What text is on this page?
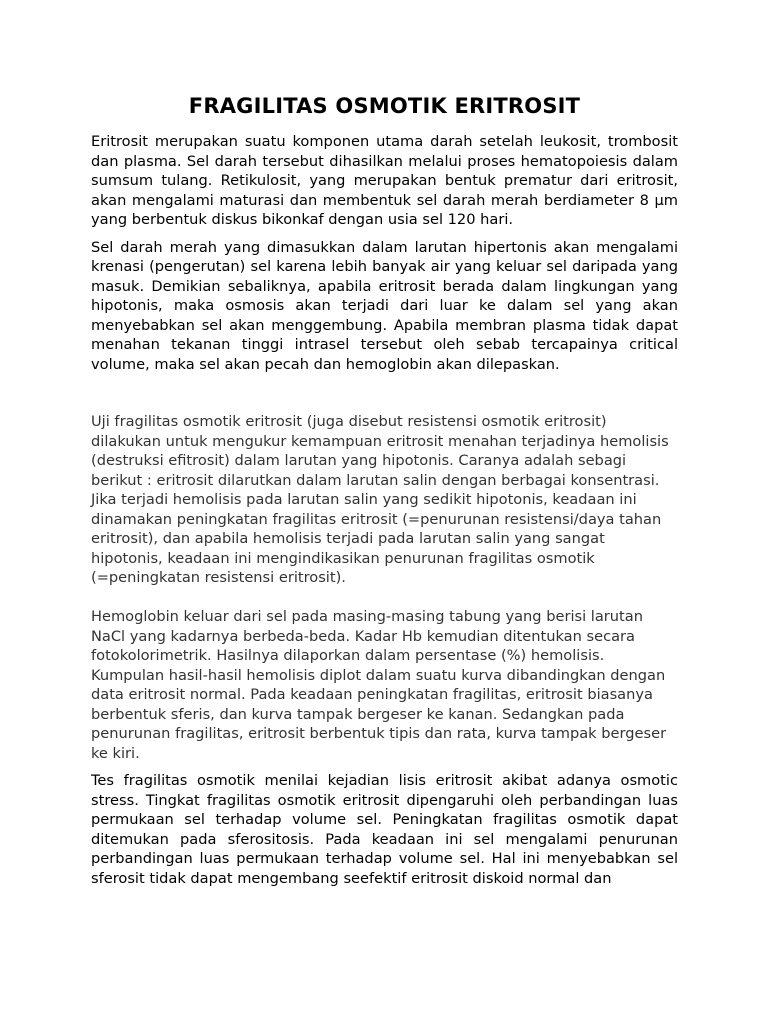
FRAGILITAS OSMOTIK ERITROSIT

Eritrosit merupakan suatu komponen utama darah setelah leukosit, trombosit dan plasma. Sel darah tersebut dihasilkan melalui proses hematopoiesis dalam sumsum tulang. Retikulosit, yang merupakan bentuk prematur dari eritrosit, akan mengalami maturasi dan membentuk sel darah merah berdiameter 8 µm yang berbentuk diskus bikonkaf dengan usia sel 120 hari.

Sel darah merah yang dimasukkan dalam larutan hipertonis akan mengalami krenasi (pengerutan) sel karena lebih banyak air yang keluar sel daripada yang masuk. Demikian sebaliknya, apabila eritrosit berada dalam lingkungan yang hipotonis, maka osmosis akan terjadi dari luar ke dalam sel yang akan menyebabkan sel akan menggembung. Apabila membran plasma tidak dapat menahan tekanan tinggi intrasel tersebut oleh sebab tercapainya critical volume, maka sel akan pecah dan hemoglobin akan dilepaskan.

Uji fragilitas osmotik eritrosit (juga disebut resistensi osmotik eritrosit) dilakukan untuk mengukur kemampuan eritrosit menahan terjadinya hemolisis (destruksi efitrosit) dalam larutan yang hipotonis. Caranya adalah sebagi berikut : eritrosit dilarutkan dalam larutan salin dengan berbagai konsentrasi. Jika terjadi hemolisis pada larutan salin yang sedikit hipotonis, keadaan ini dinamakan peningkatan fragilitas eritrosit (=penurunan resistensi/daya tahan eritrosit), dan apabila hemolisis terjadi pada larutan salin yang sangat hipotonis, keadaan ini mengindikasikan penurunan fragilitas osmotik (=peningkatan resistensi eritrosit).

Hemoglobin keluar dari sel pada masing-masing tabung yang berisi larutan NaCl yang kadarnya berbeda-beda. Kadar Hb kemudian ditentukan secara fotokolorimetrik. Hasilnya dilaporkan dalam persentase (%) hemolisis. Kumpulan hasil-hasil hemolisis diplot dalam suatu kurva dibandingkan dengan data eritrosit normal. Pada keadaan peningkatan fragilitas, eritrosit biasanya berbentuk sferis, dan kurva tampak bergeser ke kanan. Sedangkan pada penurunan fragilitas, eritrosit berbentuk tipis dan rata, kurva tampak bergeser ke kiri.

Tes fragilitas osmotik menilai kejadian lisis eritrosit akibat adanya osmotic stress. Tingkat fragilitas osmotik eritrosit dipengaruhi oleh perbandingan luas permukaan sel terhadap volume sel. Peningkatan fragilitas osmotik dapat ditemukan pada sferositosis. Pada keadaan ini sel mengalami penurunan perbandingan luas permukaan terhadap volume sel. Hal ini menyebabkan sel sferosit tidak dapat mengembang seefektif eritrosit diskoid normal dan
